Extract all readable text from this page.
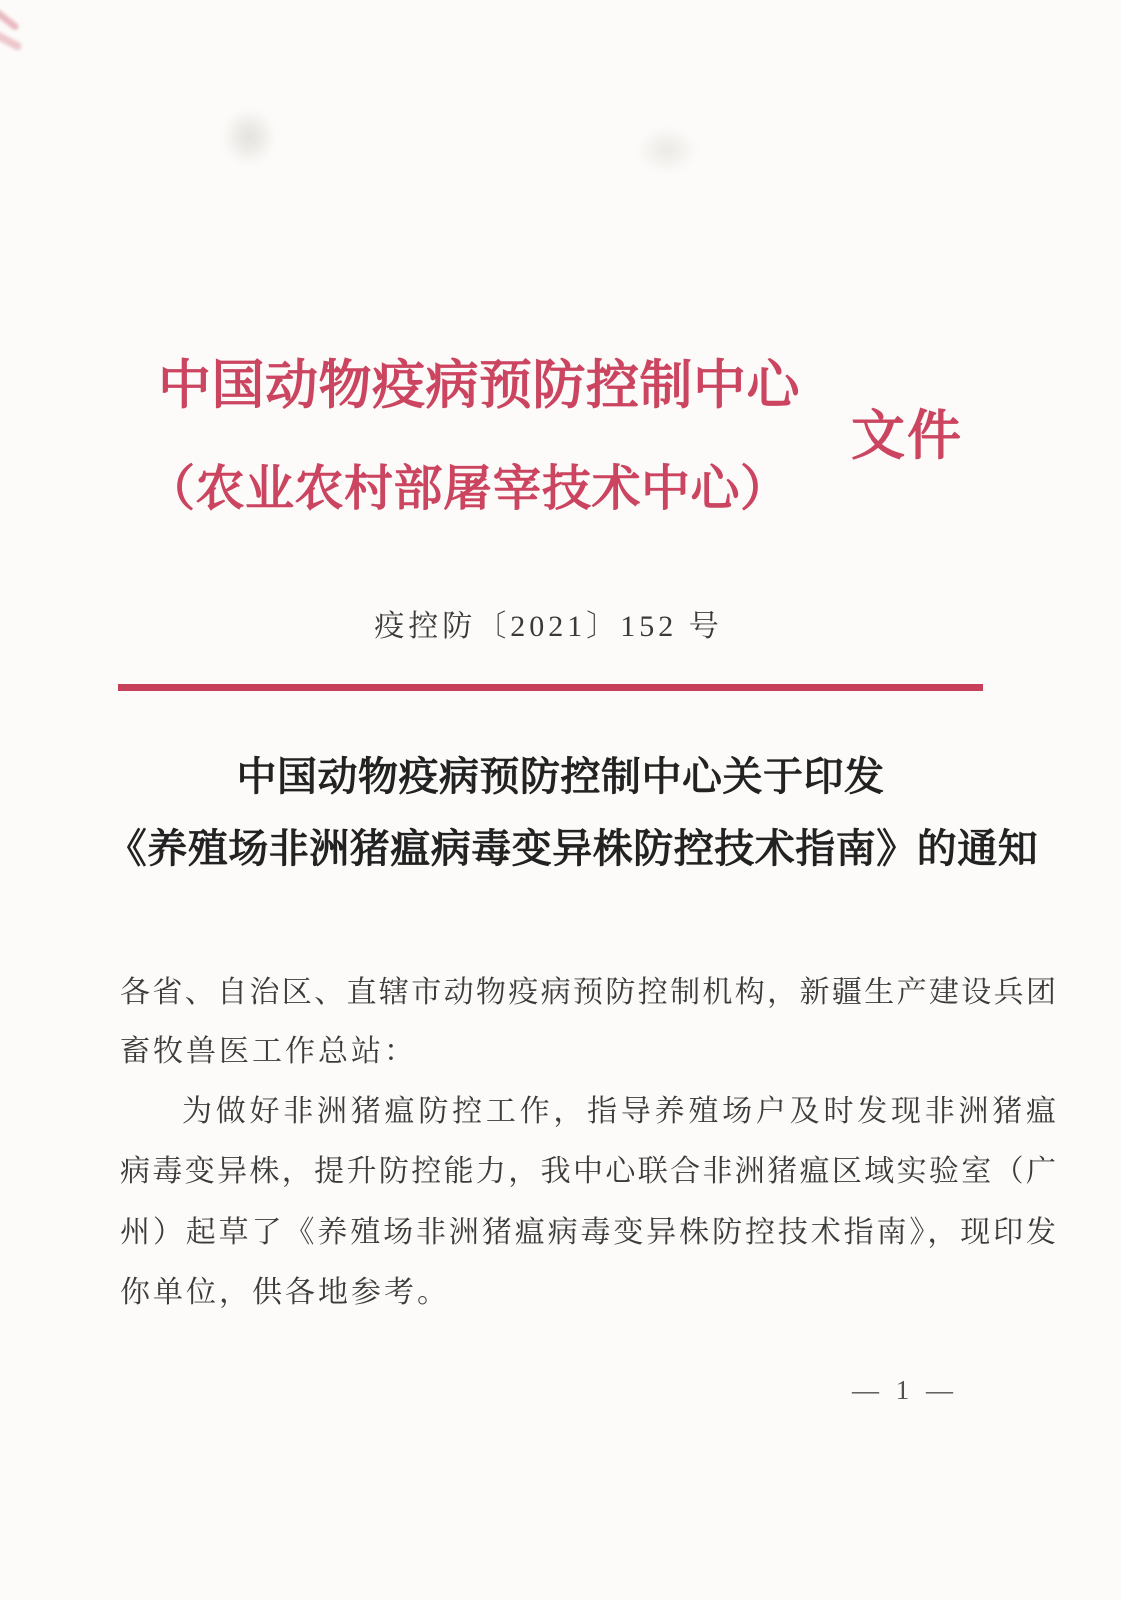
中国动物疫病预防控制中心
（农业农村部屠宰技术中心）
文件
疫控防〔2021〕152 号
中国动物疫病预防控制中心关于印发
《养殖场非洲猪瘟病毒变异株防控技术指南》的通知
各省、自治区、直辖市动物疫病预防控制机构，新疆生产建设兵团
畜牧兽医工作总站：
为做好非洲猪瘟防控工作，指导养殖场户及时发现非洲猪瘟
病毒变异株，提升防控能力，我中心联合非洲猪瘟区域实验室（广
州）起草了《养殖场非洲猪瘟病毒变异株防控技术指南》，现印发
你单位，供各地参考。
— 1 —
